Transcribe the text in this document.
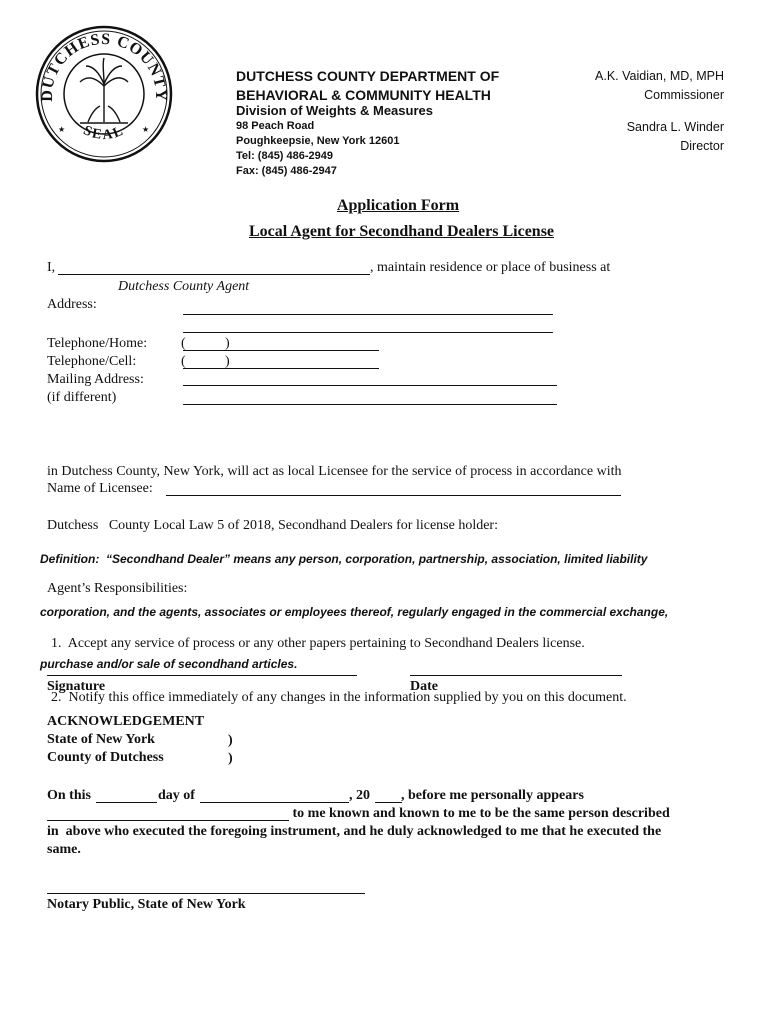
DUTCHESS COUNTY
SEAL
★	★
DUTCHESS COUNTY DEPARTMENT OF
BEHAVIORAL & COMMUNITY HEALTH
Division of Weights & Measures
98 Peach Road
Poughkeepsie, New York 12601
Tel: (845) 486-2949
Fax: (845) 486-2947
A.K. Vaidian, MD, MPH
Commissioner
Sandra L. Winder
Director
Application Form
Local Agent for Secondhand Dealers License
I,	, maintain residence or place of business at
Dutchess County Agent
Address:
Telephone/Home: (	)
Telephone/Cell:	(	)
Mailing Address:
(if different)

in Dutchess County, New York, will act as local Licensee for the service of process in accordance with

Dutchess   County Local Law 5 of 2018, Secondhand Dealers for license holder:

Name of Licensee:

Definition:  “Secondhand Dealer” means any person, corporation, partnership, association, limited liability

corporation, and the agents, associates or employees thereof, regularly engaged in the commercial exchange,

purchase and/or sale of secondhand articles.

Agent’s Responsibilities:

1.  Accept any service of process or any other papers pertaining to Secondhand Dealers license.

2.  Notify this office immediately of any changes in the information supplied by you on this document.

Signature	Date
ACKNOWLEDGEMENT
State of New York	)
County of Dutchess	)
On this	day of	, 20 , before me personally appears
to me known and known to me to be the same person described
in  above who executed the foregoing instrument, and he duly acknowledged to me that he executed the
same.
Notary Public, State of New York
